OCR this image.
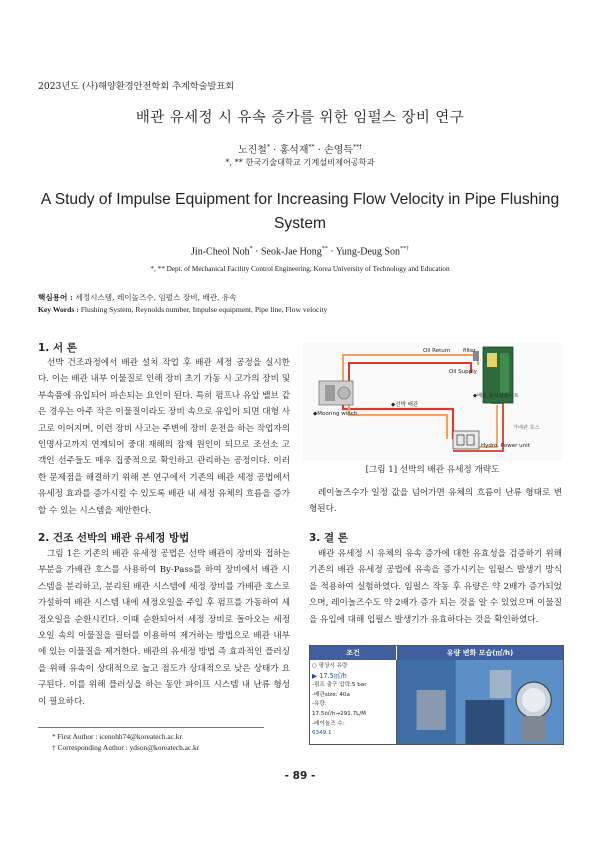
2023년도 (사)해양환경안전학회 추계학술발표회
배관 유세정 시 유속 증가를 위한 임펄스 장비 연구
노진철* · 홍석재** · 손영득**†
*, ** 한국기술대학교 기계설비제어공학과
A Study of Impulse Equipment for Increasing Flow Velocity in Pipe Flushing System
Jin-Cheol Noh* · Seok-Jae Hong** · Yung-Deug Son**†
*, ** Dept. of Mechanical Facility Control Engineering, Korea University of Technology and Education
핵심용어 : 세정시스템, 레이놀즈수, 임펄스 장비, 배관, 유속
Key Words : Flushing System, Reynolds number, Impulse equipment, Pipe line, Flow velocity
1. 서 론

선박 건조과정에서 배관 설치 작업 후 배관 세정 공정을 실시한다. 이는 배관 내부 이물질로 인해 장비 초기 가동 시 고가의 장비 및 부속품에 유입되어 파손되는 요인이 된다. 특히 펌프나 유압 밸브 같은 경우는 아주 작은 이물질이라도 장비 속으로 유입이 되면 대형 사고로 이어지며, 이런 장비 사고는 주변에 장비 운전을 하는 작업자의 인명사고까지 연계되어 중대 재해의 잠재 원인이 되므로 조선소 고객인 선주들도 매우 집중적으로 확인하고 관리하는 공정이다. 이러한 문제점을 해결하기 위해 본 연구에서 기존의 배관 세정 공법에서 유세정 효과를 증가시킬 수 있도록 배관 내 세정 유체의 흐름을 증가할 수 있는 시스템을 제안한다.

2. 건조 선박의 배관 유세정 방법

그림 1은 기존의 배관 유세정 공법은 선박 배관이 장비와 접하는 부분을 가배관 호스를 사용하여 By-Pass를 하여 장비에서 배관 시스템을 분리하고, 분리된 배관 시스템에 세정 장비를 가배관 호스로 가설하여 배관 시스템 내에 세정오일을 주입 후 펌프를 가동하여 세정오일을 순환시킨다. 이때 순환되어서 세정 장비로 돌아오는 세정오일 속의 이물질을 필터를 이용하여 제거하는 방법으로 배관 내부에 있는 이물질을 제거한다. 배관의 유세정 방법 즉 효과적인 플러싱을 위해 유속이 상대적으로 높고 점도가 상대적으로 낮은 상태가 요구된다. 이를 위해 플러싱을 하는 동안 파이프 시스템 내 난류 형성이 필요하다.

Oil Return filter
Oil Supply
◆배관 플러싱유니트
◆선박 배관
가배관 호스
◆Mooring winch
Hydro. Power unit
[그림 1] 선박의 배관 유세정 개략도

레이놀즈수가 일정 값을 넘어가면 유체의 흐름이 난류 형태로 변형된다.

3. 결 론

배관 유세정 시 유체의 유속 증가에 대한 유효성을 검증하기 위해 기존의 배관 유세정 공법에 유속을 증가시키는 임펄스 발생기 방식을 적용하여 실험하였다. 임펄스 작동 후 유량은 약 2배가 증가되었으며, 레이놀즈수도 약 2배가 증가 되는 것을 알 수 있었으며 이물질을 유입에 대해 입펄스 발생기가 유효하다는 것을 확인하였다.

조건	유량 변화 모습(㎥/h)
○ 평상시 유량
▶ 17.5㎥/h
-펌프 출구 압력:5 bar
-배관size: 40a
-유량:
17.5㎥/h→291.7L/M
-레이놀즈 수:
6349.1
* First Author : icenohh74@koreatech.ac.kr
† Corresponding Author : ydson@koreatech.ac.kr
- 89 -
